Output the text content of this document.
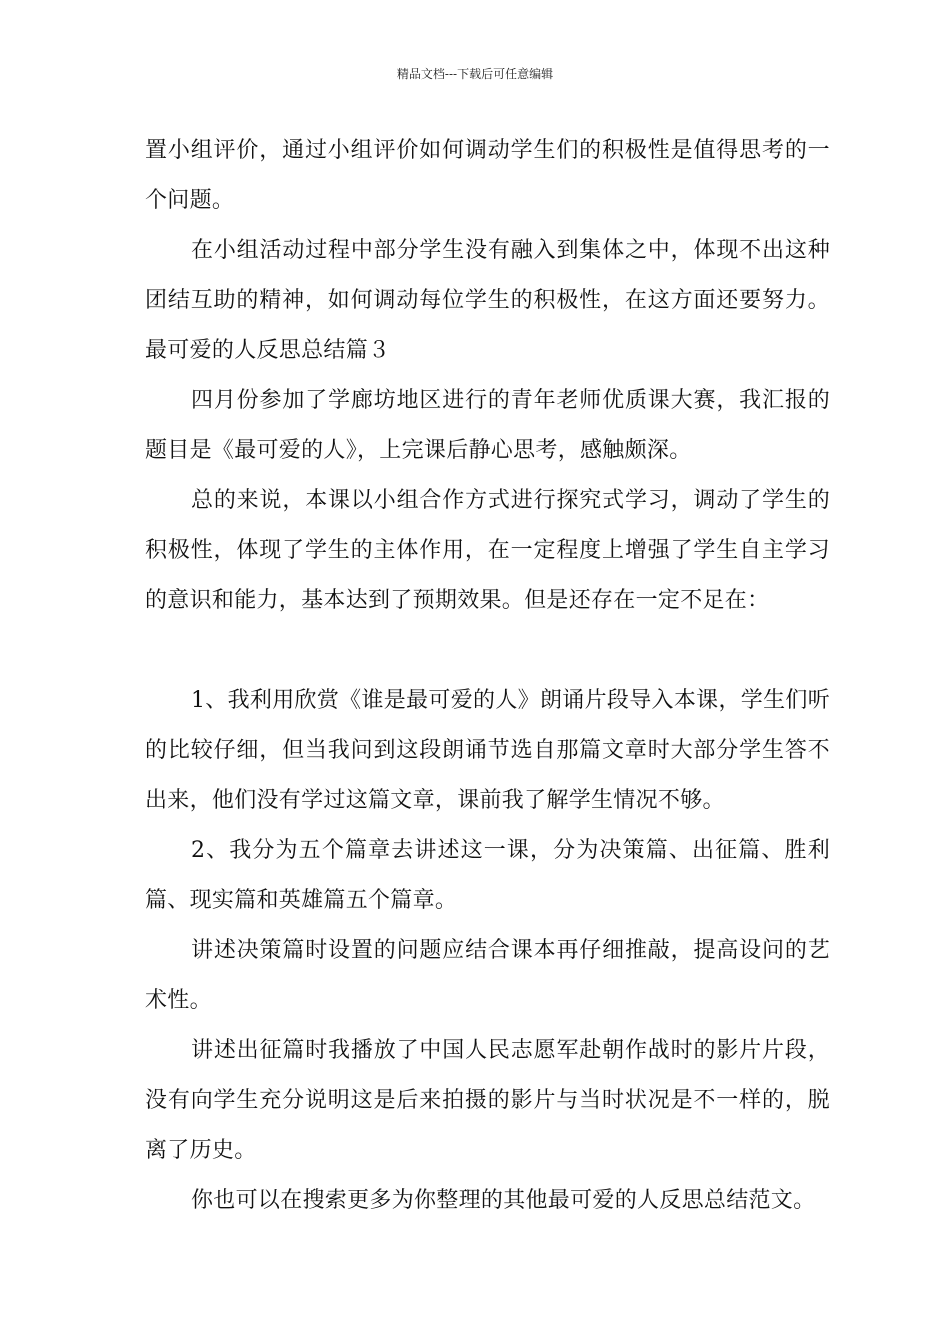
精品文档---下载后可任意编辑

置小组评价，通过小组评价如何调动学生们的积极性是值得思考的一个问题。

在小组活动过程中部分学生没有融入到集体之中，体现不出这种团结互助的精神，如何调动每位学生的积极性，在这方面还要努力。最可爱的人反思总结篇３

四月份参加了学廊坊地区进行的青年老师优质课大赛，我汇报的题目是《最可爱的人》，上完课后静心思考，感触颇深。

总的来说，本课以小组合作方式进行探究式学习，调动了学生的积极性，体现了学生的主体作用，在一定程度上增强了学生自主学习的意识和能力，基本达到了预期效果。但是还存在一定不足在：

1、我利用欣赏《谁是最可爱的人》朗诵片段导入本课，学生们听的比较仔细，但当我问到这段朗诵节选自那篇文章时大部分学生答不出来，他们没有学过这篇文章，课前我了解学生情况不够。

2、我分为五个篇章去讲述这一课，分为决策篇、出征篇、胜利篇、现实篇和英雄篇五个篇章。

讲述决策篇时设置的问题应结合课本再仔细推敲，提高设问的艺术性。

讲述出征篇时我播放了中国人民志愿军赴朝作战时的影片片段，没有向学生充分说明这是后来拍摄的影片与当时状况是不一样的，脱离了历史。

你也可以在搜索更多为你整理的其他最可爱的人反思总结范文。
